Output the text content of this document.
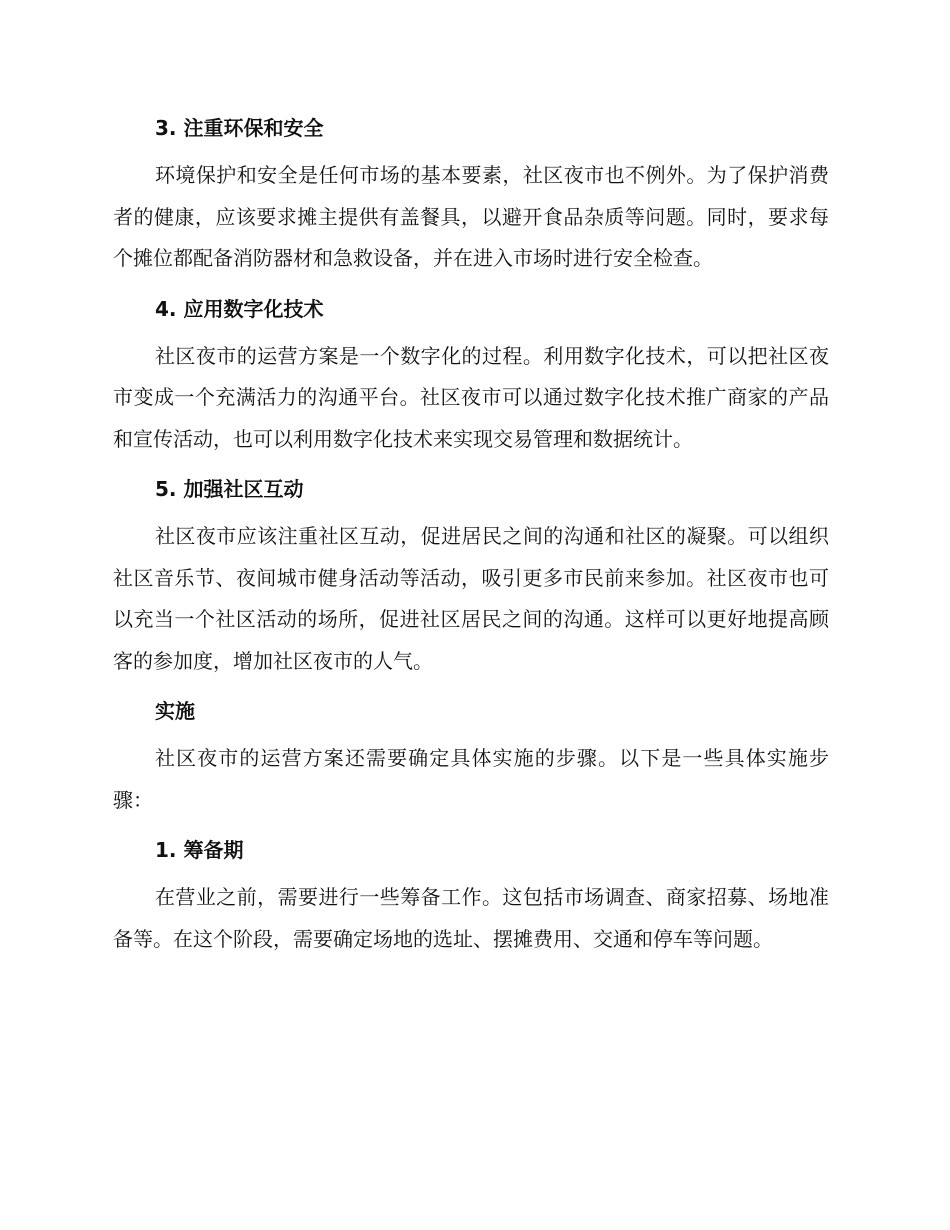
3. 注重环保和安全

环境保护和安全是任何市场的基本要素，社区夜市也不例外。为了保护消费者的健康，应该要求摊主提供有盖餐具，以避开食品杂质等问题。同时，要求每个摊位都配备消防器材和急救设备，并在进入市场时进行安全检查。

4. 应用数字化技术

社区夜市的运营方案是一个数字化的过程。利用数字化技术，可以把社区夜市变成一个充满活力的沟通平台。社区夜市可以通过数字化技术推广商家的产品和宣传活动，也可以利用数字化技术来实现交易管理和数据统计。

5. 加强社区互动

社区夜市应该注重社区互动，促进居民之间的沟通和社区的凝聚。可以组织社区音乐节、夜间城市健身活动等活动，吸引更多市民前来参加。社区夜市也可以充当一个社区活动的场所，促进社区居民之间的沟通。这样可以更好地提高顾客的参加度，增加社区夜市的人气。

实施

社区夜市的运营方案还需要确定具体实施的步骤。以下是一些具体实施步骤：

1. 筹备期

在营业之前，需要进行一些筹备工作。这包括市场调查、商家招募、场地准备等。在这个阶段，需要确定场地的选址、摆摊费用、交通和停车等问题。
